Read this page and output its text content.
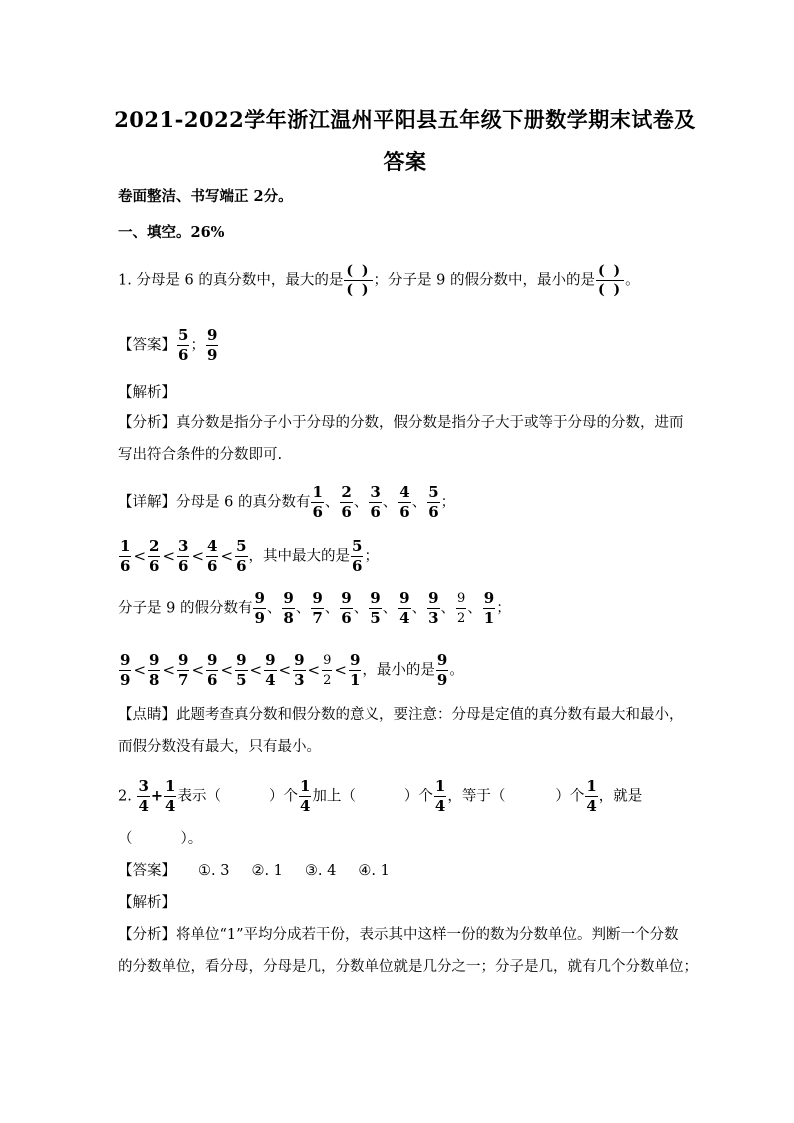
2021-2022学年浙江温州平阳县五年级下册数学期末试卷及
答案
卷面整洁、书写端正 2分。
一、填空。26%
1. 分母是 6 的真分数中，最大的是 $\frac{( )}{( )}$ ；分子是 9 的假分数中，最小的是 $\frac{( )}{( )}$ 。
【答案】 $\frac{5}{6}$ ； $\frac{9}{9}$
【解析】
【分析】真分数是指分子小于分母的分数，假分数是指分子大于或等于分母的分数，进而
写出符合条件的分数即可.
【详解】分母是 6 的真分数有 $\frac{1}{6}$ 、 $\frac{2}{6}$ 、 $\frac{3}{6}$ 、 $\frac{4}{6}$ 、 $\frac{5}{6}$ ；
$\frac{1}{6} < \frac{2}{6} < \frac{3}{6} < \frac{4}{6} < \frac{5}{6}$ ，其中最大的是 $\frac{5}{6}$ ；
分子是 9 的假分数有 $\frac{9}{9}$ 、 $\frac{9}{8}$ 、 $\frac{9}{7}$ 、 $\frac{9}{6}$ 、 $\frac{9}{5}$ 、 $\frac{9}{4}$ 、 $\frac{9}{3}$ 、 $\frac{9}{2}$ 、 $\frac{9}{1}$ ；
$\frac{9}{9} < \frac{9}{8} < \frac{9}{7} < \frac{9}{6} < \frac{9}{5} < \frac{9}{4} < \frac{9}{3} < \frac{9}{2} < \frac{9}{1}$ ，最小的是 $\frac{9}{9}$ 。
【点睛】此题考查真分数和假分数的意义，要注意：分母是定值的真分数有最大和最小，
而假分数没有最大，只有最小。
2. $\frac{3}{4} + \frac{1}{4}$ 表示（	）个 $\frac{1}{4}$ 加上（	）个 $\frac{1}{4}$ ，等于（	）个 $\frac{1}{4}$ ，就是
（	）。
【答案】 ①. 3 ②. 1 ③. 4 ④. 1
【解析】
【分析】将单位“1”平均分成若干份，表示其中这样一份的数为分数单位。判断一个分数
的分数单位，看分母，分母是几，分数单位就是几分之一；分子是几，就有几个分数单位；
